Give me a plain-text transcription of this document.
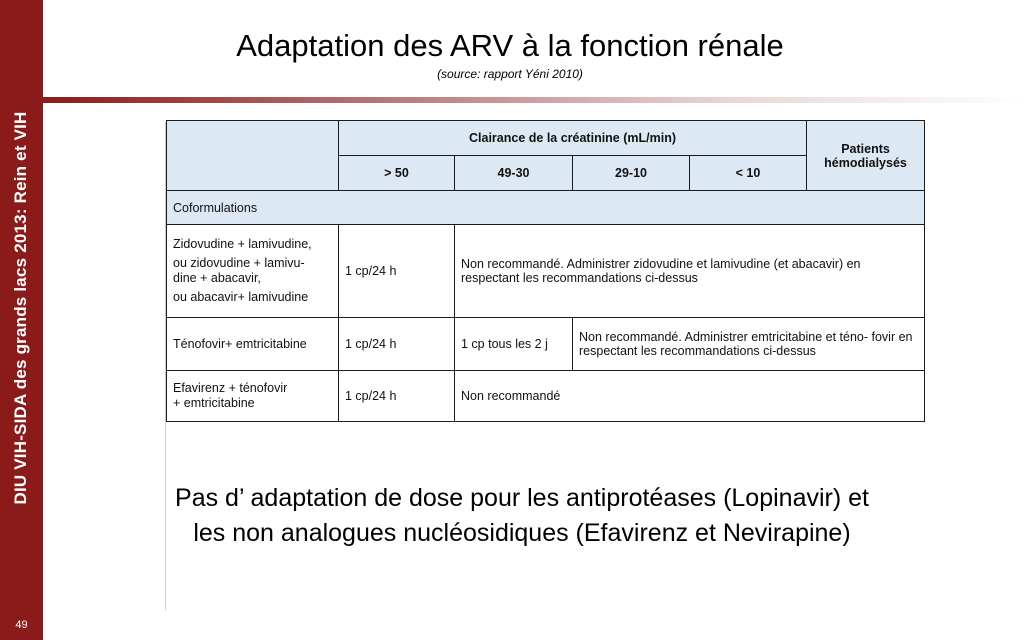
DIU VIH-SIDA des grands lacs 2013: Rein et VIH
49
Adaptation des ARV à la fonction rénale
(source: rapport Yéni 2010)
	Clairance de la créatinine (mL/min)				Patients
hémodialysés
	> 50	49-30	29-10	< 10	
Coformulations					

Zidovudine + lamivudine,
ou zidovudine + lamivu-
dine + abacavir,
ou abacavir+ lamivudine	1 cp/24 h	Non recommandé. Administrer zidovudine et lamivudine (et abacavir) en respectant les recommandations ci-dessus			

Ténofovir+ emtricitabine	1 cp/24 h	1 cp tous les 2 j	Non recommandé. Administrer emtricitabine et téno- fovir en respectant les recommandations ci-dessus		

Efavirenz + ténofovir
+ emtricitabine	1 cp/24 h	Non recommandé			
Pas d’ adaptation de dose pour les antiprotéases (Lopinavir) et les non analogues nucléosidiques (Efavirenz et Nevirapine)
